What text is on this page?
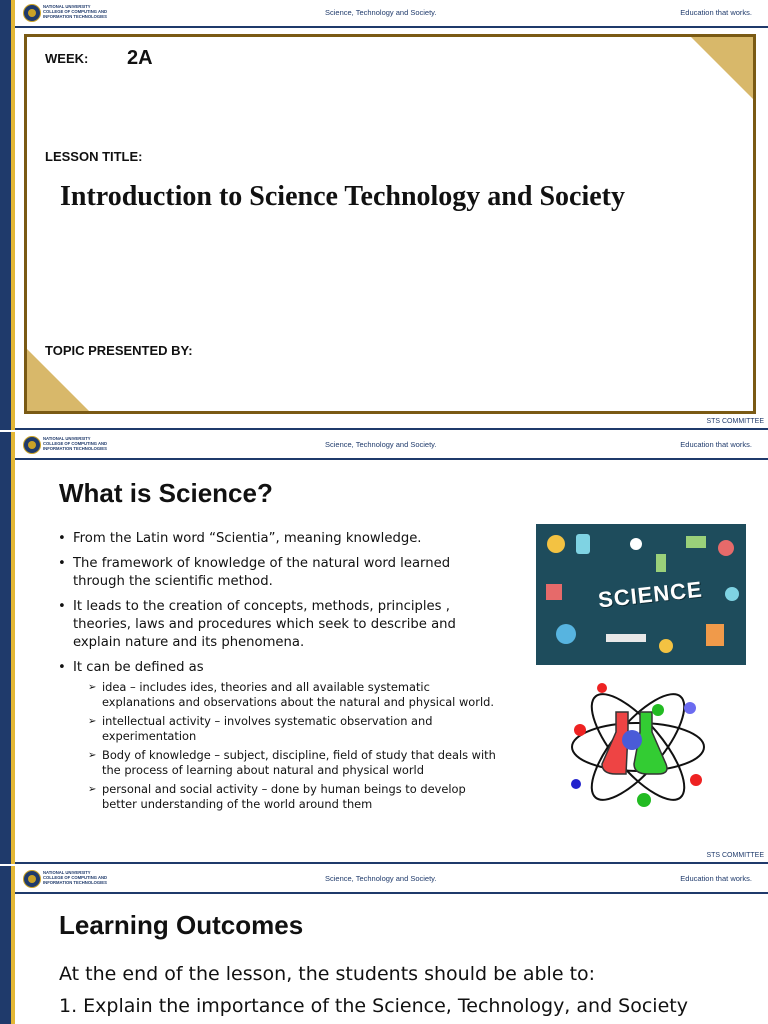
NATIONAL UNIVERSITY
COLLEGE OF COMPUTING AND
INFORMATION TECHNOLOGIES	Science, Technology and Society.	Education that works.
WEEK: 2A
LESSON TITLE:
Introduction to Science Technology and Society
TOPIC PRESENTED BY:
STS COMMITTEE
NATIONAL UNIVERSITY
COLLEGE OF COMPUTING AND
INFORMATION TECHNOLOGIES	Science, Technology and Society.	Education that works.
What is Science?
• From the Latin word “Scientia”, meaning knowledge.
• The framework of knowledge of the natural word learned through the scientific method.
• It leads to the creation of concepts, methods, principles , theories, laws and procedures which seek to describe and explain nature and its phenomena.
• It can be defined as
➢ idea – includes ides, theories and all available systematic explanations and observations about the natural and physical world.
➢ intellectual activity – involves systematic observation and experimentation
➢ Body of knowledge – subject, discipline, field of study that deals with the process of learning about natural and physical world
➢ personal and social activity – done by human beings to develop better understanding of the world around them
SCIENCE
STS COMMITTEE
NATIONAL UNIVERSITY
COLLEGE OF COMPUTING AND
INFORMATION TECHNOLOGIES	Science, Technology and Society.	Education that works.
Learning Outcomes
At the end of the lesson, the students should be able to:
1. Explain the importance of the Science, Technology, and Society
